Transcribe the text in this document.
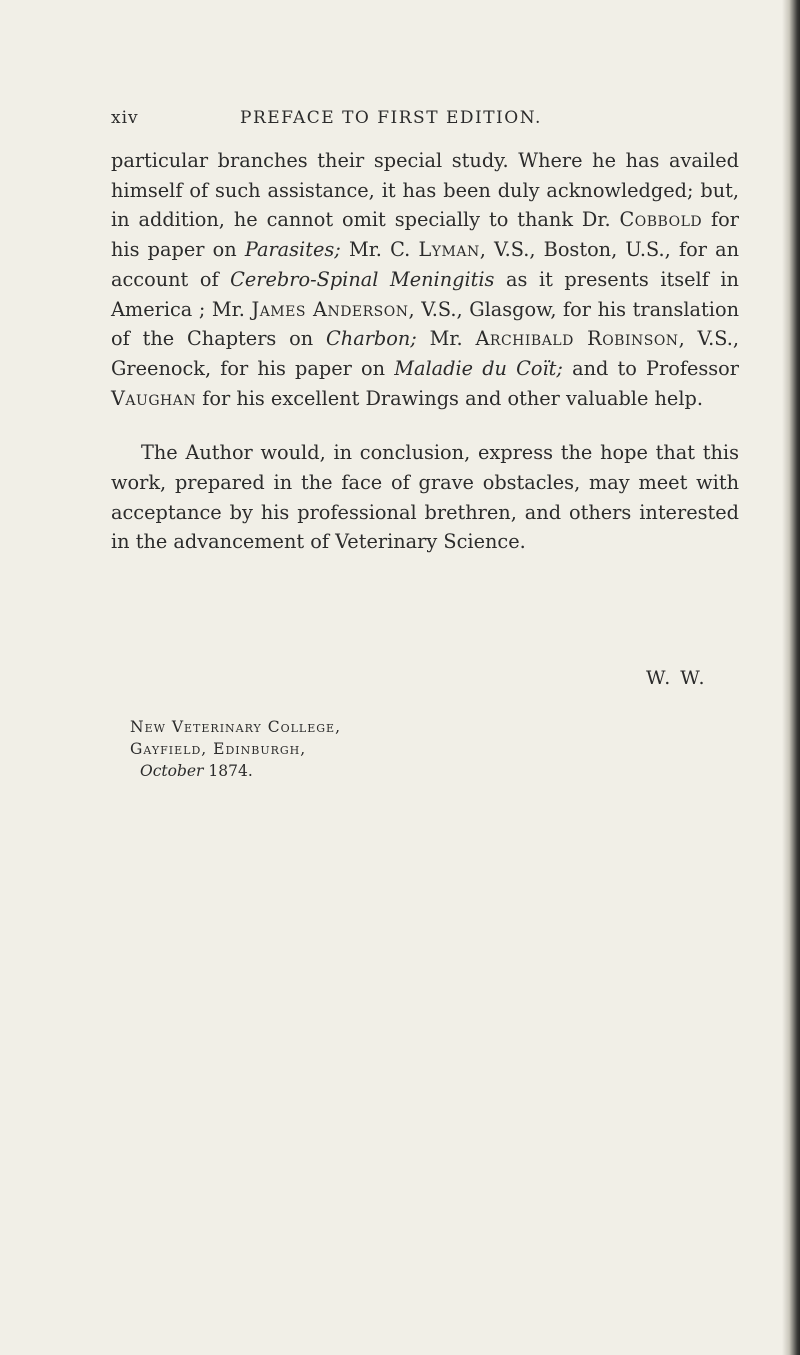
xiv	PREFACE TO FIRST EDITION.

particular branches their special study. Where he has availed himself of such assistance, it has been duly acknowledged; but, in addition, he cannot omit specially to thank Dr. Cobbold for his paper on Parasites; Mr. C. Lyman, V.S., Boston, U.S., for an account of Cerebro-Spinal Meningitis as it presents itself in America ; Mr. James Anderson, V.S., Glasgow, for his translation of the Chapters on Charbon; Mr. Archibald Robinson, V.S., Greenock, for his paper on Maladie du Coït; and to Professor Vaughan for his excellent Drawings and other valuable help.

The Author would, in conclusion, express the hope that this work, prepared in the face of grave obstacles, may meet with acceptance by his professional brethren, and others interested in the advancement of Veterinary Science.

W. W.
New Veterinary College,
Gayfield, Edinburgh,
October 1874.
